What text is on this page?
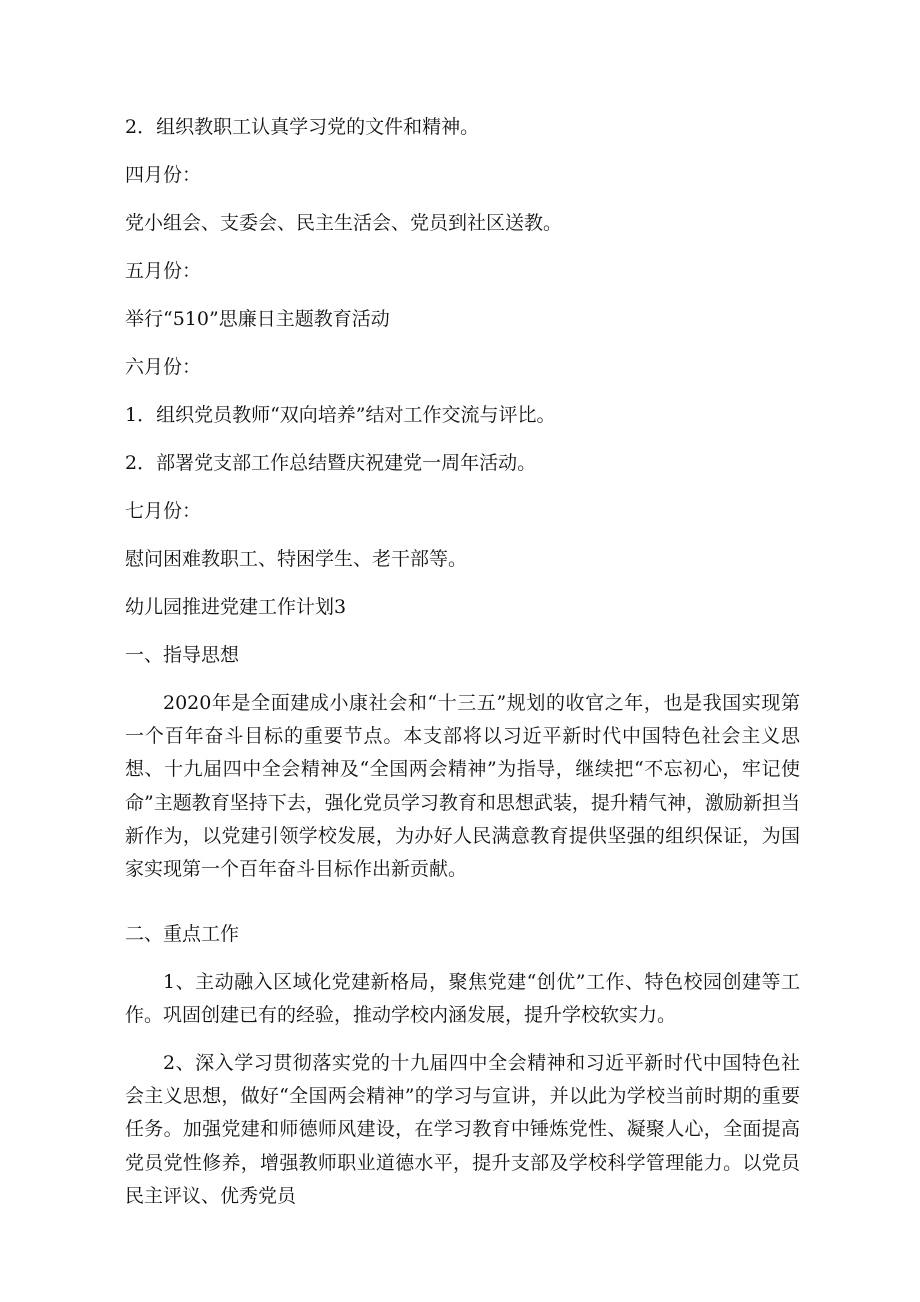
2．组织教职工认真学习党的文件和精神。

四月份：

党小组会、支委会、民主生活会、党员到社区送教。

五月份：

举行“510”思廉日主题教育活动

六月份：

1．组织党员教师“双向培养”结对工作交流与评比。

2．部署党支部工作总结暨庆祝建党一周年活动。

七月份：

慰问困难教职工、特困学生、老干部等。

幼儿园推进党建工作计划3

一、指导思想

2020年是全面建成小康社会和“十三五”规划的收官之年，也是我国实现第一个百年奋斗目标的重要节点。本支部将以习近平新时代中国特色社会主义思想、十九届四中全会精神及“全国两会精神”为指导，继续把“不忘初心，牢记使命”主题教育坚持下去，强化党员学习教育和思想武装，提升精气神，激励新担当新作为，以党建引领学校发展，为办好人民满意教育提供坚强的组织保证，为国家实现第一个百年奋斗目标作出新贡献。

二、重点工作

1、主动融入区域化党建新格局，聚焦党建“创优”工作、特色校园创建等工作。巩固创建已有的经验，推动学校内涵发展，提升学校软实力。

2、深入学习贯彻落实党的十九届四中全会精神和习近平新时代中国特色社会主义思想，做好“全国两会精神”的学习与宣讲，并以此为学校当前时期的重要任务。加强党建和师德师风建设，在学习教育中锤炼党性、凝聚人心，全面提高党员党性修养，增强教师职业道德水平，提升支部及学校科学管理能力。以党员民主评议、优秀党员
